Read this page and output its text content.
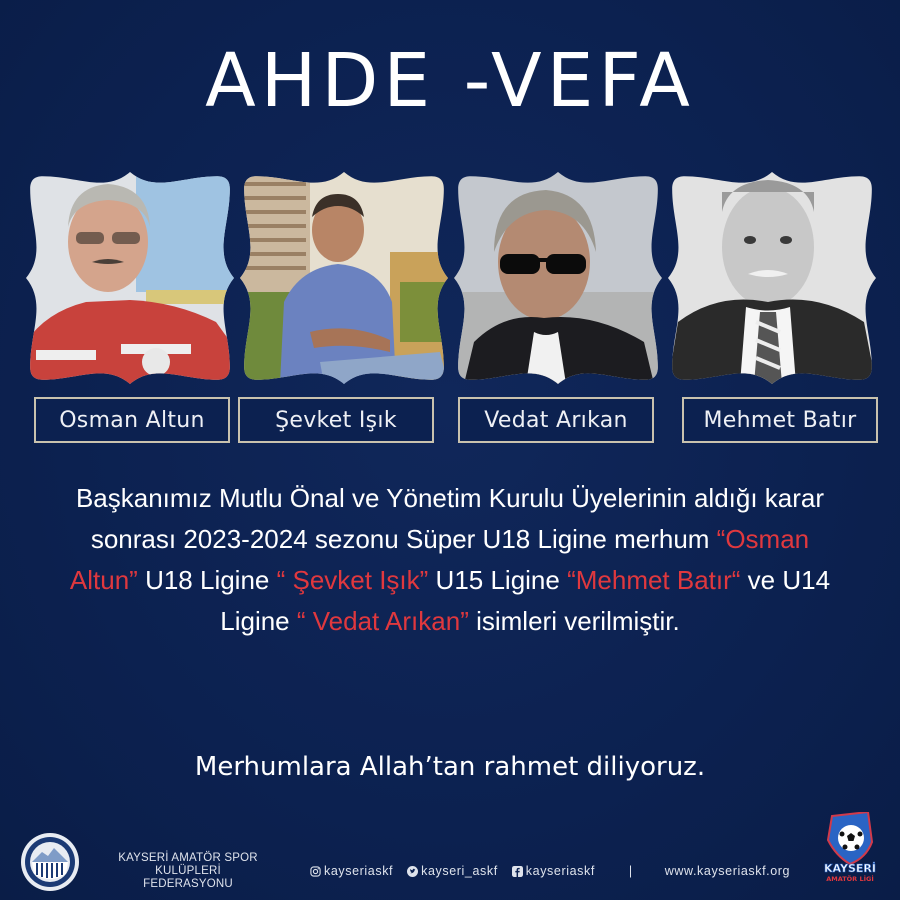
AHDE -VEFA
Osman Altun	Şevket Işık	Vedat Arıkan	Mehmet Batır
Başkanımız Mutlu Önal ve Yönetim Kurulu Üyelerinin aldığı karar sonrası 2023-2024 sezonu Süper U18 Ligine merhum “Osman Altun” U18 Ligine “ Şevket Işık” U15 Ligine “Mehmet Batır“ ve U14 Ligine “ Vedat Arıkan” isimleri verilmiştir.
Merhumlara Allah’tan rahmet diliyoruz.
KAYSERİ AMATÖR SPOR KULÜPLERİ
FEDERASYONU
kayseriaskf kayseri_askf kayseriaskf	|	www.kayseriaskf.org	KAYSERİ
AMATÖR LİGİ
